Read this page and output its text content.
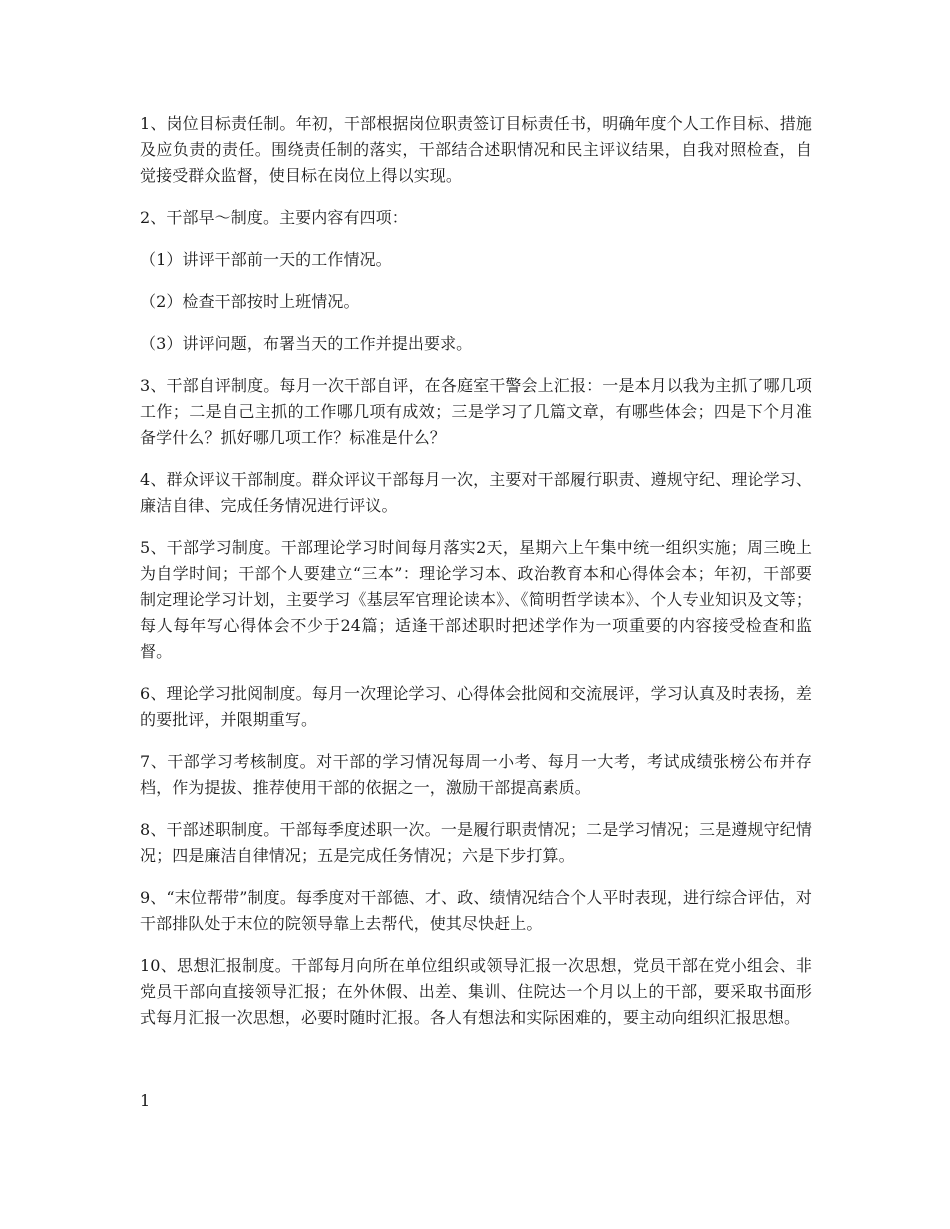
1、岗位目标责任制。年初，干部根据岗位职责签订目标责任书，明确年度个人工作目标、措施及应负责的责任。围绕责任制的落实，干部结合述职情况和民主评议结果，自我对照检查，自觉接受群众监督，使目标在岗位上得以实现。

2、干部早～制度。主要内容有四项：

（1）讲评干部前一天的工作情况。

（2）检查干部按时上班情况。

（3）讲评问题，布署当天的工作并提出要求。

3、干部自评制度。每月一次干部自评，在各庭室干警会上汇报：一是本月以我为主抓了哪几项工作；二是自己主抓的工作哪几项有成效；三是学习了几篇文章，有哪些体会；四是下个月准备学什么？抓好哪几项工作？标准是什么？

4、群众评议干部制度。群众评议干部每月一次，主要对干部履行职责、遵规守纪、理论学习、廉洁自律、完成任务情况进行评议。

5、干部学习制度。干部理论学习时间每月落实2天，星期六上午集中统一组织实施；周三晚上为自学时间；干部个人要建立“三本”：理论学习本、政治教育本和心得体会本；年初，干部要制定理论学习计划，主要学习《基层军官理论读本》、《简明哲学读本》、个人专业知识及文等；每人每年写心得体会不少于24篇；适逢干部述职时把述学作为一项重要的内容接受检查和监督。

6、理论学习批阅制度。每月一次理论学习、心得体会批阅和交流展评，学习认真及时表扬，差的要批评，并限期重写。

7、干部学习考核制度。对干部的学习情况每周一小考、每月一大考，考试成绩张榜公布并存档，作为提拔、推荐使用干部的依据之一，激励干部提高素质。

8、干部述职制度。干部每季度述职一次。一是履行职责情况；二是学习情况；三是遵规守纪情况；四是廉洁自律情况；五是完成任务情况；六是下步打算。

9、“末位帮带”制度。每季度对干部德、才、政、绩情况结合个人平时表现，进行综合评估，对干部排队处于末位的院领导靠上去帮代，使其尽快赶上。

10、思想汇报制度。干部每月向所在单位组织或领导汇报一次思想，党员干部在党小组会、非党员干部向直接领导汇报；在外休假、出差、集训、住院达一个月以上的干部，要采取书面形式每月汇报一次思想，必要时随时汇报。各人有想法和实际困难的，要主动向组织汇报思想。

1
